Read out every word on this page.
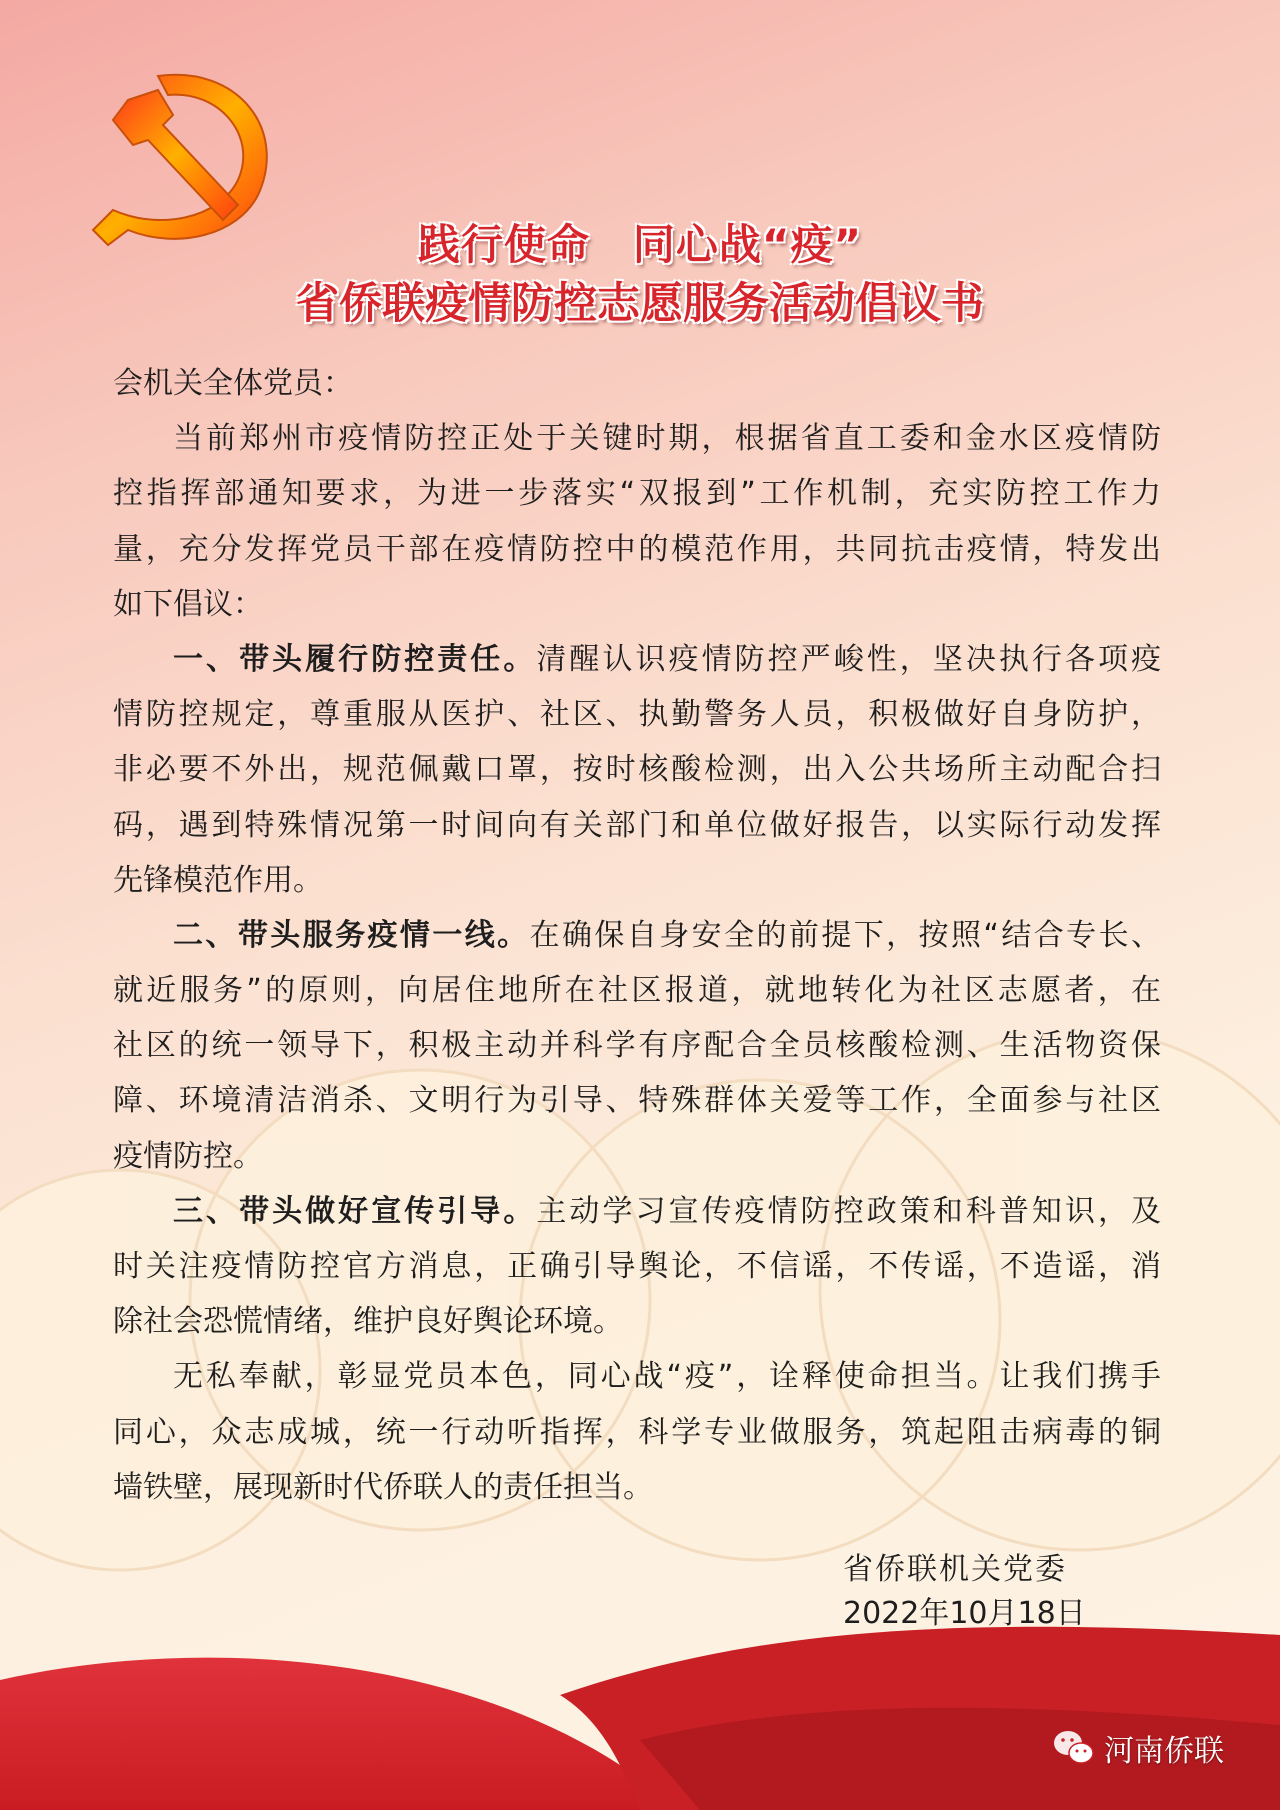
践行使命　同心战“疫”
省侨联疫情防控志愿服务活动倡议书
会机关全体党员：
当前郑州市疫情防控正处于关键时期，根据省直工委和金水区疫情防
控指挥部通知要求，为进一步落实“双报到”工作机制，充实防控工作力
量，充分发挥党员干部在疫情防控中的模范作用，共同抗击疫情，特发出
如下倡议：
一、带头履行防控责任。清醒认识疫情防控严峻性，坚决执行各项疫
情防控规定，尊重服从医护、社区、执勤警务人员，积极做好自身防护，
非必要不外出，规范佩戴口罩，按时核酸检测，出入公共场所主动配合扫
码，遇到特殊情况第一时间向有关部门和单位做好报告，以实际行动发挥
先锋模范作用。
二、带头服务疫情一线。在确保自身安全的前提下，按照“结合专长、
就近服务”的原则，向居住地所在社区报道，就地转化为社区志愿者，在
社区的统一领导下，积极主动并科学有序配合全员核酸检测、生活物资保
障、环境清洁消杀、文明行为引导、特殊群体关爱等工作，全面参与社区
疫情防控。
三、带头做好宣传引导。主动学习宣传疫情防控政策和科普知识，及
时关注疫情防控官方消息，正确引导舆论，不信谣，不传谣，不造谣，消
除社会恐慌情绪，维护良好舆论环境。
无私奉献，彰显党员本色，同心战“疫”，诠释使命担当。让我们携手
同心，众志成城，统一行动听指挥，科学专业做服务，筑起阻击病毒的铜
墙铁壁，展现新时代侨联人的责任担当。
省侨联机关党委
2022年10月18日
河南侨联
